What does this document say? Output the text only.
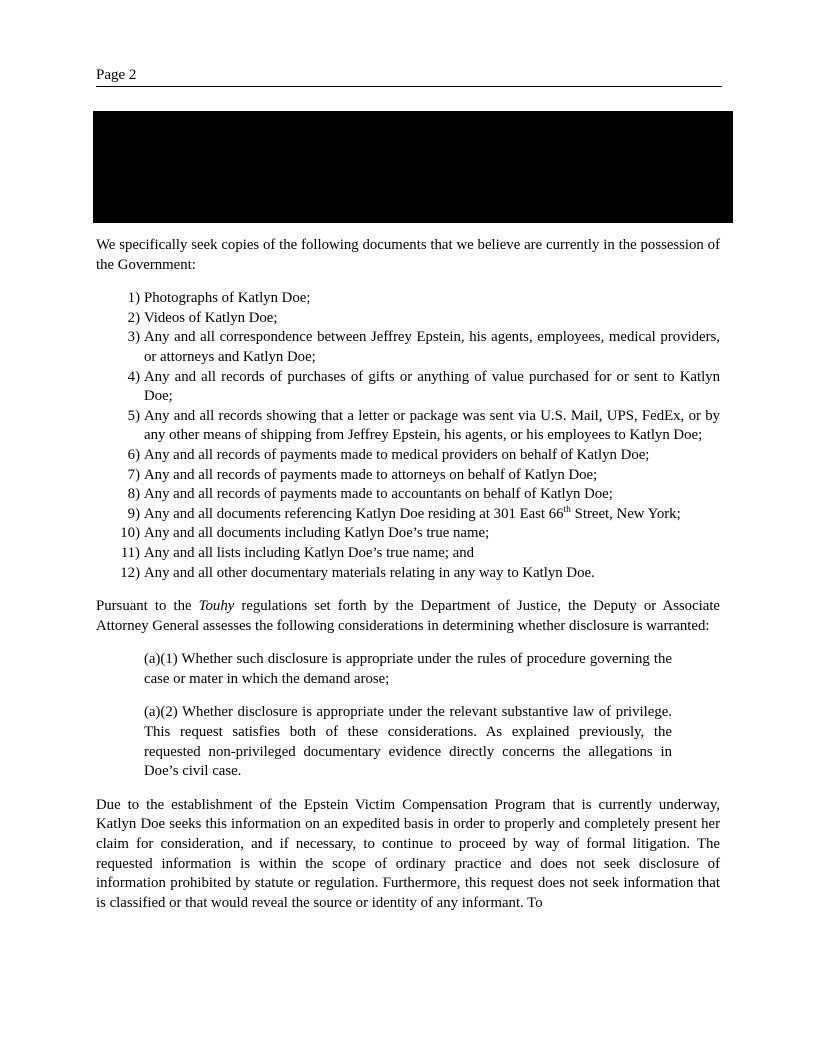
Page 2

We specifically seek copies of the following documents that we believe are currently in the possession of the Government:

1) Photographs of Katlyn Doe;
2) Videos of Katlyn Doe;
3) Any and all correspondence between Jeffrey Epstein, his agents, employees, medical providers, or attorneys and Katlyn Doe;
4) Any and all records of purchases of gifts or anything of value purchased for or sent to Katlyn Doe;
5) Any and all records showing that a letter or package was sent via U.S. Mail, UPS, FedEx, or by any other means of shipping from Jeffrey Epstein, his agents, or his employees to Katlyn Doe;
6) Any and all records of payments made to medical providers on behalf of Katlyn Doe;
7) Any and all records of payments made to attorneys on behalf of Katlyn Doe;
8) Any and all records of payments made to accountants on behalf of Katlyn Doe;
9) Any and all documents referencing Katlyn Doe residing at 301 East 66th Street, New York;
10) Any and all documents including Katlyn Doe’s true name;
11) Any and all lists including Katlyn Doe’s true name; and
12) Any and all other documentary materials relating in any way to Katlyn Doe.

Pursuant to the Touhy regulations set forth by the Department of Justice, the Deputy or Associate Attorney General assesses the following considerations in determining whether disclosure is warranted:

(a)(1) Whether such disclosure is appropriate under the rules of procedure governing the case or mater in which the demand arose;

(a)(2) Whether disclosure is appropriate under the relevant substantive law of privilege. This request satisfies both of these considerations. As explained previously, the requested non-privileged documentary evidence directly concerns the allegations in Doe’s civil case.

Due to the establishment of the Epstein Victim Compensation Program that is currently underway, Katlyn Doe seeks this information on an expedited basis in order to properly and completely present her claim for consideration, and if necessary, to continue to proceed by way of formal litigation. The requested information is within the scope of ordinary practice and does not seek disclosure of information prohibited by statute or regulation. Furthermore, this request does not seek information that is classified or that would reveal the source or identity of any informant. To
